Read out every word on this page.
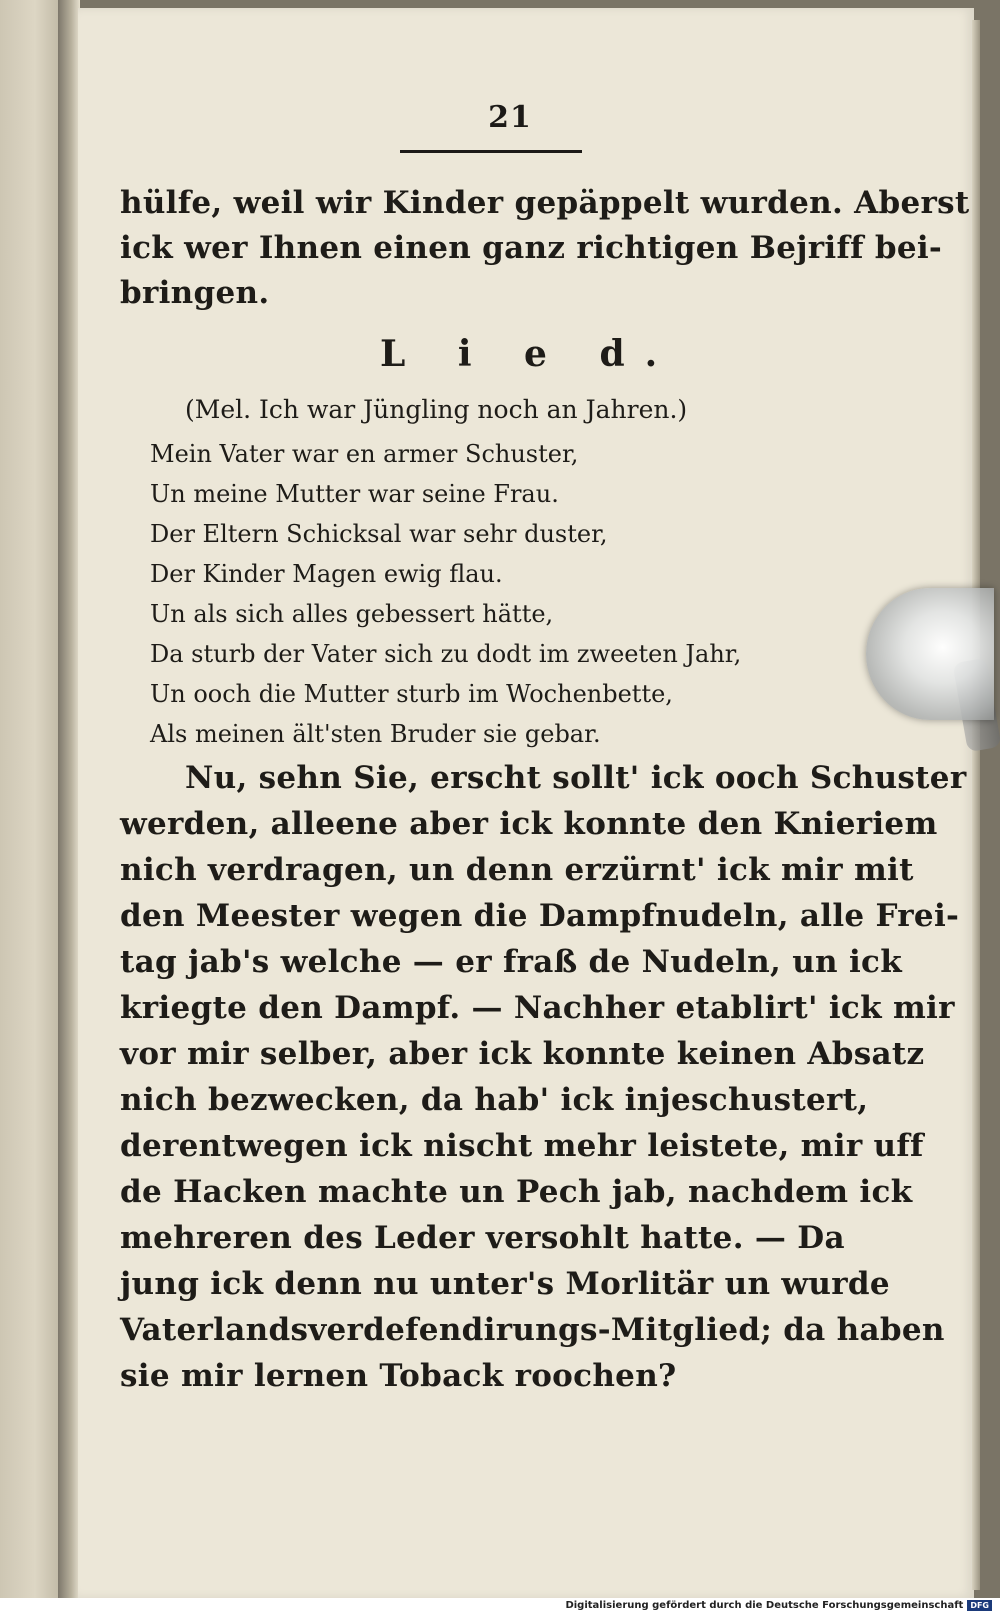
21
hülfe, weil wir Kinder gepäppelt wurden. Aberst
ick wer Ihnen einen ganz richtigen Bejriff bei-
bringen.
L i e d.
(Mel. Ich war Jüngling noch an Jahren.)
Mein Vater war en armer Schuster,
Un meine Mutter war seine Frau.
Der Eltern Schicksal war sehr duster,
Der Kinder Magen ewig flau.
Un als sich alles gebessert hätte,
Da sturb der Vater sich zu dodt im zweeten Jahr,
Un ooch die Mutter sturb im Wochenbette,
Als meinen ält'sten Bruder sie gebar.
Nu, sehn Sie, erscht sollt' ick ooch Schuster
werden, alleene aber ick konnte den Knieriem
nich verdragen, un denn erzürnt' ick mir mit
den Meester wegen die Dampfnudeln, alle Frei-
tag jab's welche — er fraß de Nudeln, un ick
kriegte den Dampf. — Nachher etablirt' ick mir
vor mir selber, aber ick konnte keinen Absatz
nich bezwecken, da hab' ick injeschustert,
derentwegen ick nischt mehr leistete, mir uff
de Hacken machte un Pech jab, nachdem ick
mehreren des Leder versohlt hatte. — Da
jung ick denn nu unter's Morlitär un wurde
Vaterlandsverdefendirungs-Mitglied; da haben
sie mir lernen Toback roochen?
Digitalisierung gefördert durch die Deutsche Forschungsgemeinschaft DFG
